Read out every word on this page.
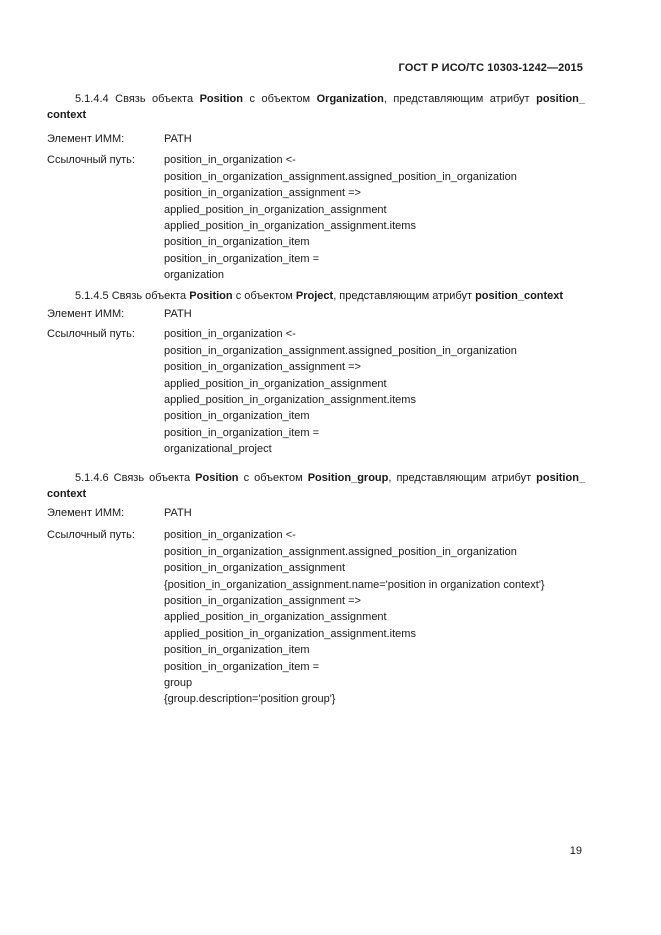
ГОСТ Р ИСО/ТС 10303-1242—2015
5.1.4.4 Связь объекта Position с объектом Organization, представляющим атрибут position_ context
Элемент ИММ:	PATH
Ссылочный путь:	position_in_organization <-
position_in_organization_assignment.assigned_position_in_organization
position_in_organization_assignment =>
applied_position_in_organization_assignment
applied_position_in_organization_assignment.items
position_in_organization_item
position_in_organization_item =
organization
5.1.4.5 Связь объекта Position с объектом Project, представляющим атрибут position_context
Элемент ИММ:	PATH
Ссылочный путь:	position_in_organization <-
position_in_organization_assignment.assigned_position_in_organization
position_in_organization_assignment =>
applied_position_in_organization_assignment
applied_position_in_organization_assignment.items
position_in_organization_item
position_in_organization_item =
organizational_project
5.1.4.6 Связь объекта Position с объектом Position_group, представляющим атрибут position_ context
Элемент ИММ:	PATH
Ссылочный путь:	position_in_organization <-
position_in_organization_assignment.assigned_position_in_organization
position_in_organization_assignment
{position_in_organization_assignment.name='position in organization context'}
position_in_organization_assignment =>
applied_position_in_organization_assignment
applied_position_in_organization_assignment.items
position_in_organization_item
position_in_organization_item =
group
{group.description='position group'}
19
